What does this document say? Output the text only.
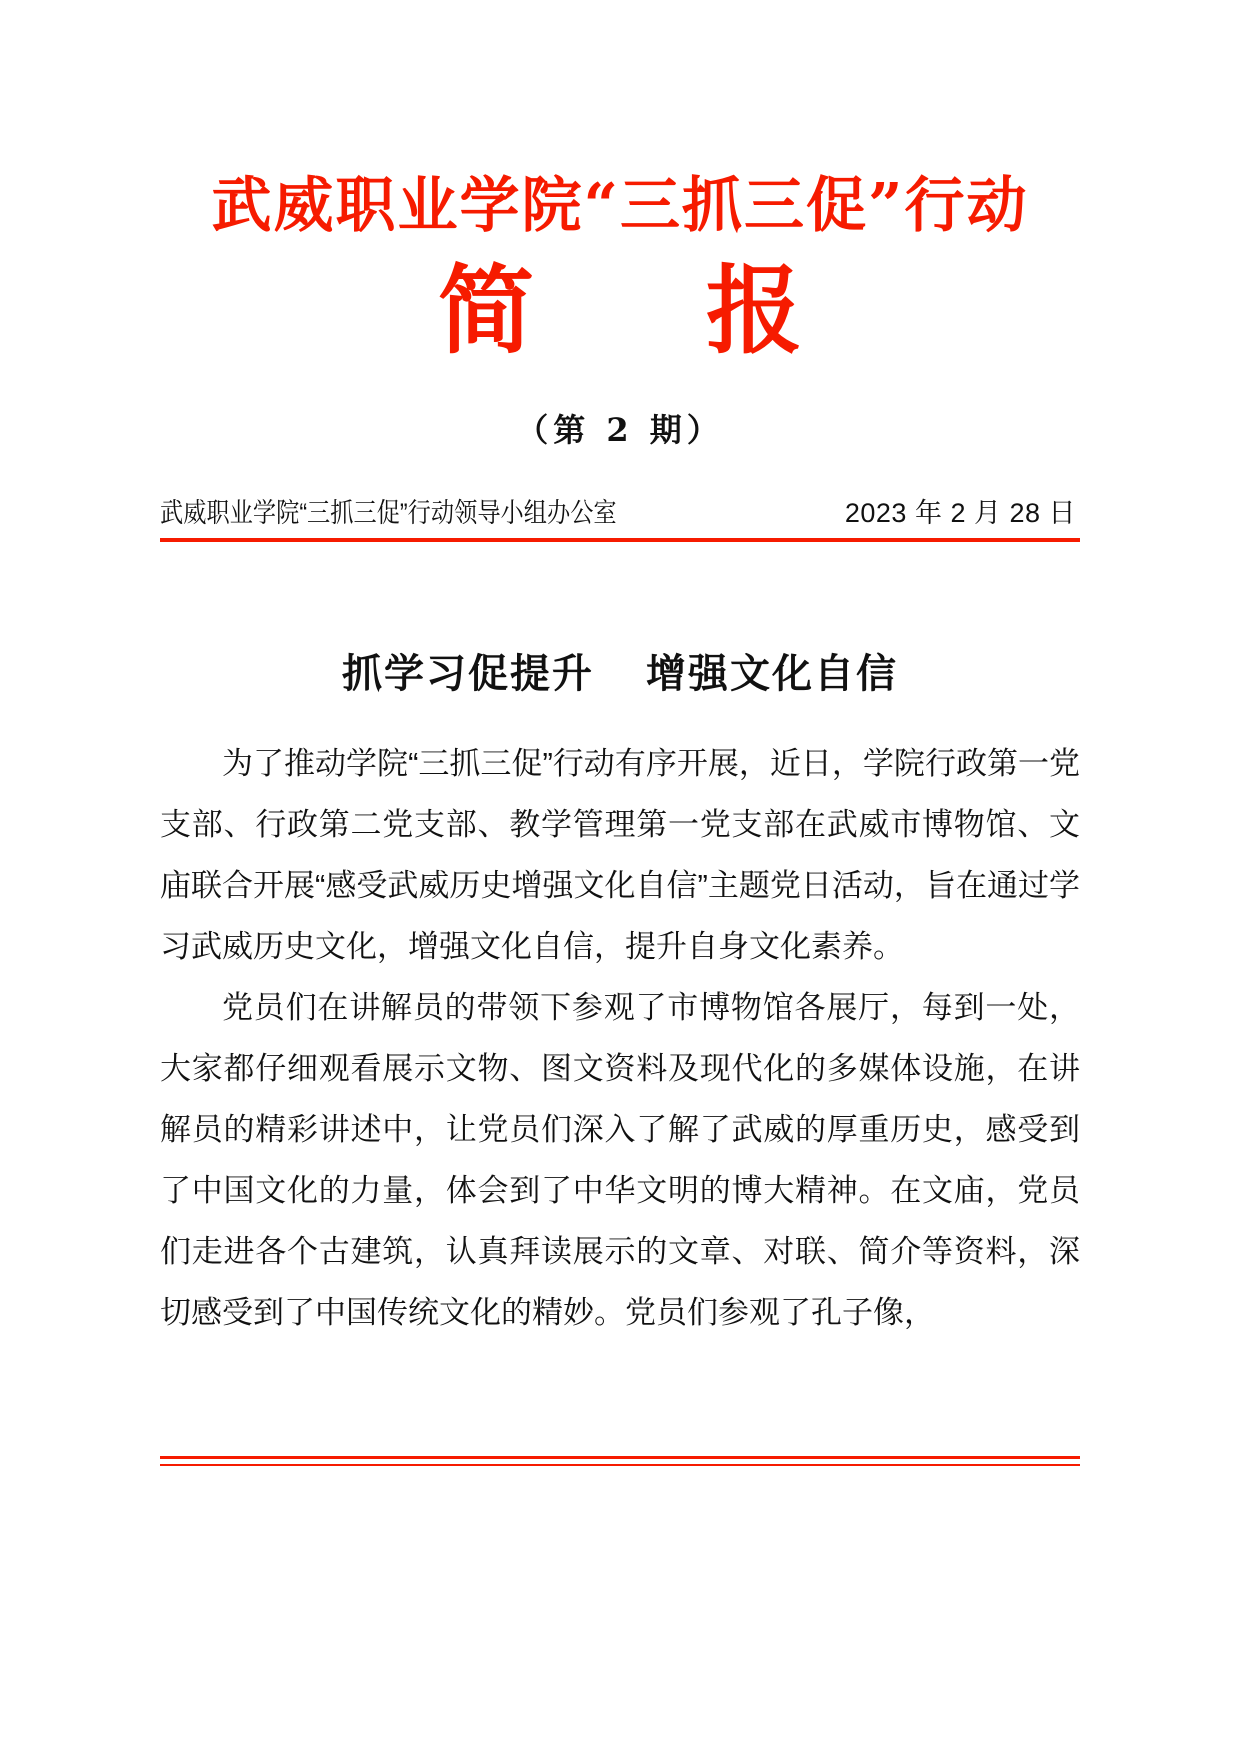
武威职业学院“三抓三促”行动
简　报
（第 2 期）
武威职业学院“三抓三促”行动领导小组办公室	2023 年 2 月 28 日
抓学习促提升 增强文化自信

为了推动学院“三抓三促”行动有序开展，近日，学院行政第一党支部、行政第二党支部、教学管理第一党支部在武威市博物馆、文庙联合开展“感受武威历史增强文化自信”主题党日活动，旨在通过学习武威历史文化，增强文化自信，提升自身文化素养。

党员们在讲解员的带领下参观了市博物馆各展厅，每到一处，大家都仔细观看展示文物、图文资料及现代化的多媒体设施，在讲解员的精彩讲述中，让党员们深入了解了武威的厚重历史，感受到了中国文化的力量，体会到了中华文明的博大精神。在文庙，党员们走进各个古建筑，认真拜读展示的文章、对联、简介等资料，深切感受到了中国传统文化的精妙。党员们参观了孔子像，
